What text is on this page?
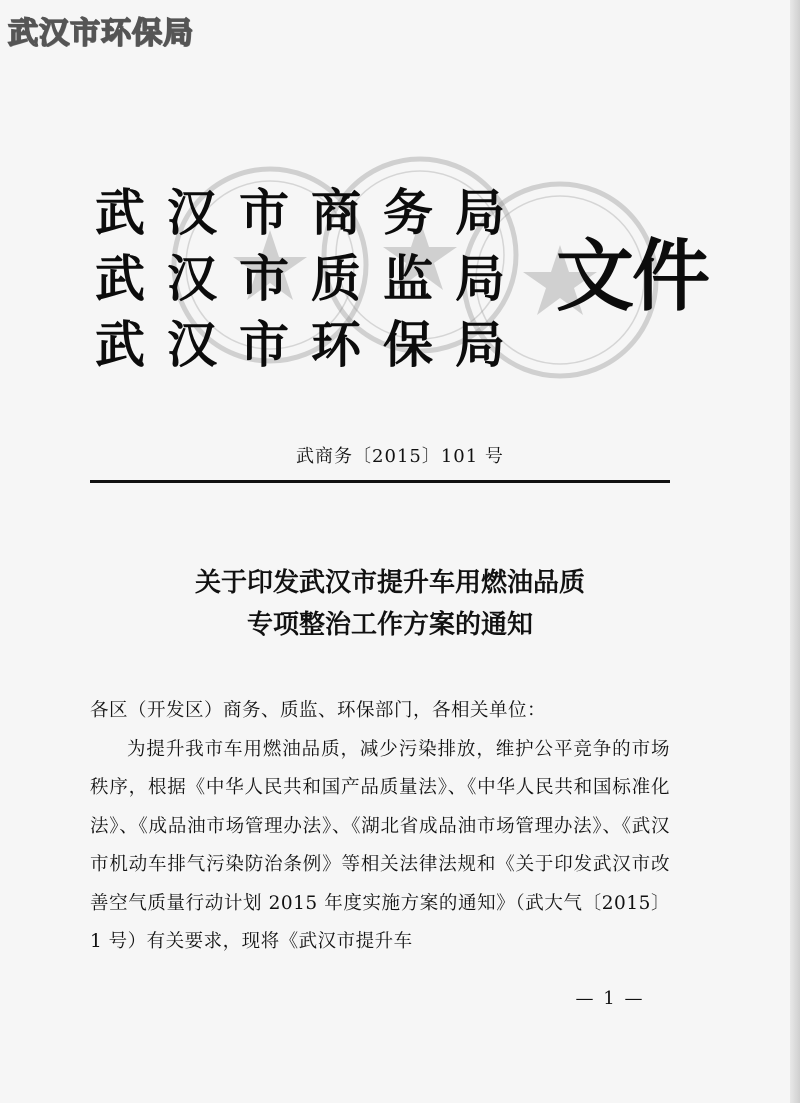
武汉市环保局
武汉市商务局
武汉市质监局
武汉市环保局
文件
武商务〔2015〕101 号
关于印发武汉市提升车用燃油品质
专项整治工作方案的通知
各区（开发区）商务、质监、环保部门，各相关单位：
为提升我市车用燃油品质，减少污染排放，维护公平竞争的市场秩序，根据《中华人民共和国产品质量法》、《中华人民共和国标准化法》、《成品油市场管理办法》、《湖北省成品油市场管理办法》、《武汉市机动车排气污染防治条例》等相关法律法规和《关于印发武汉市改善空气质量行动计划 2015 年度实施方案的通知》（武大气〔2015〕1 号）有关要求，现将《武汉市提升车
— 1 —
